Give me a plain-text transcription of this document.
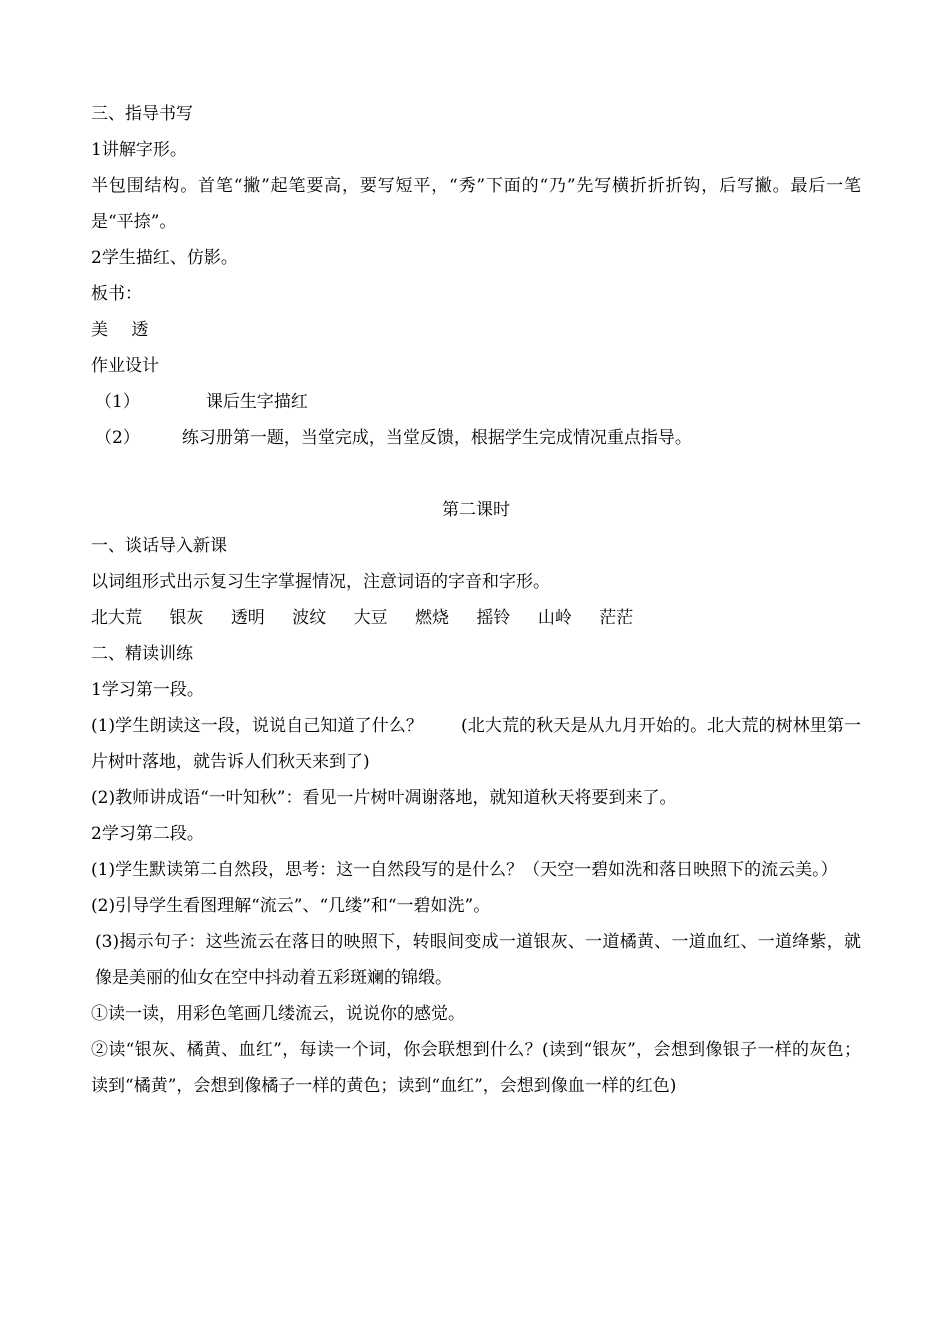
三、指导书写
1讲解字形。
半包围结构。首笔“撇”起笔要高，要写短平，“秀”下面的“乃”先写横折折折钩，后写撇。最后一笔是“平捺”。
2学生描红、仿影。
板书：
美 透
作业设计
（1）	课后生字描红
（2） 练习册第一题，当堂完成，当堂反馈，根据学生完成情况重点指导。
第二课时
一、谈话导入新课
以词组形式出示复习生字掌握情况，注意词语的字音和字形。
北大荒 银灰 透明 波纹 大豆 燃烧 摇铃 山岭 茫茫
二、精读训练
1学习第一段。
(1)学生朗读这一段，说说自己知道了什么？ (北大荒的秋天是从九月开始的。北大荒的树林里第一片树叶落地，就告诉人们秋天来到了)
(2)教师讲成语“一叶知秋”：看见一片树叶凋谢落地，就知道秋天将要到来了。
2学习第二段。
(1)学生默读第二自然段，思考：这一自然段写的是什么？（天空一碧如洗和落日映照下的流云美。）
(2)引导学生看图理解“流云”、“几缕”和“一碧如洗”。
(3)揭示句子：这些流云在落日的映照下，转眼间变成一道银灰、一道橘黄、一道血红、一道绛紫，就像是美丽的仙女在空中抖动着五彩斑斓的锦缎。
①读一读，用彩色笔画几缕流云，说说你的感觉。
②读“银灰、橘黄、血红”，每读一个词，你会联想到什么？(读到“银灰”，会想到像银子一样的灰色；读到“橘黄”，会想到像橘子一样的黄色；读到“血红”，会想到像血一样的红色)
